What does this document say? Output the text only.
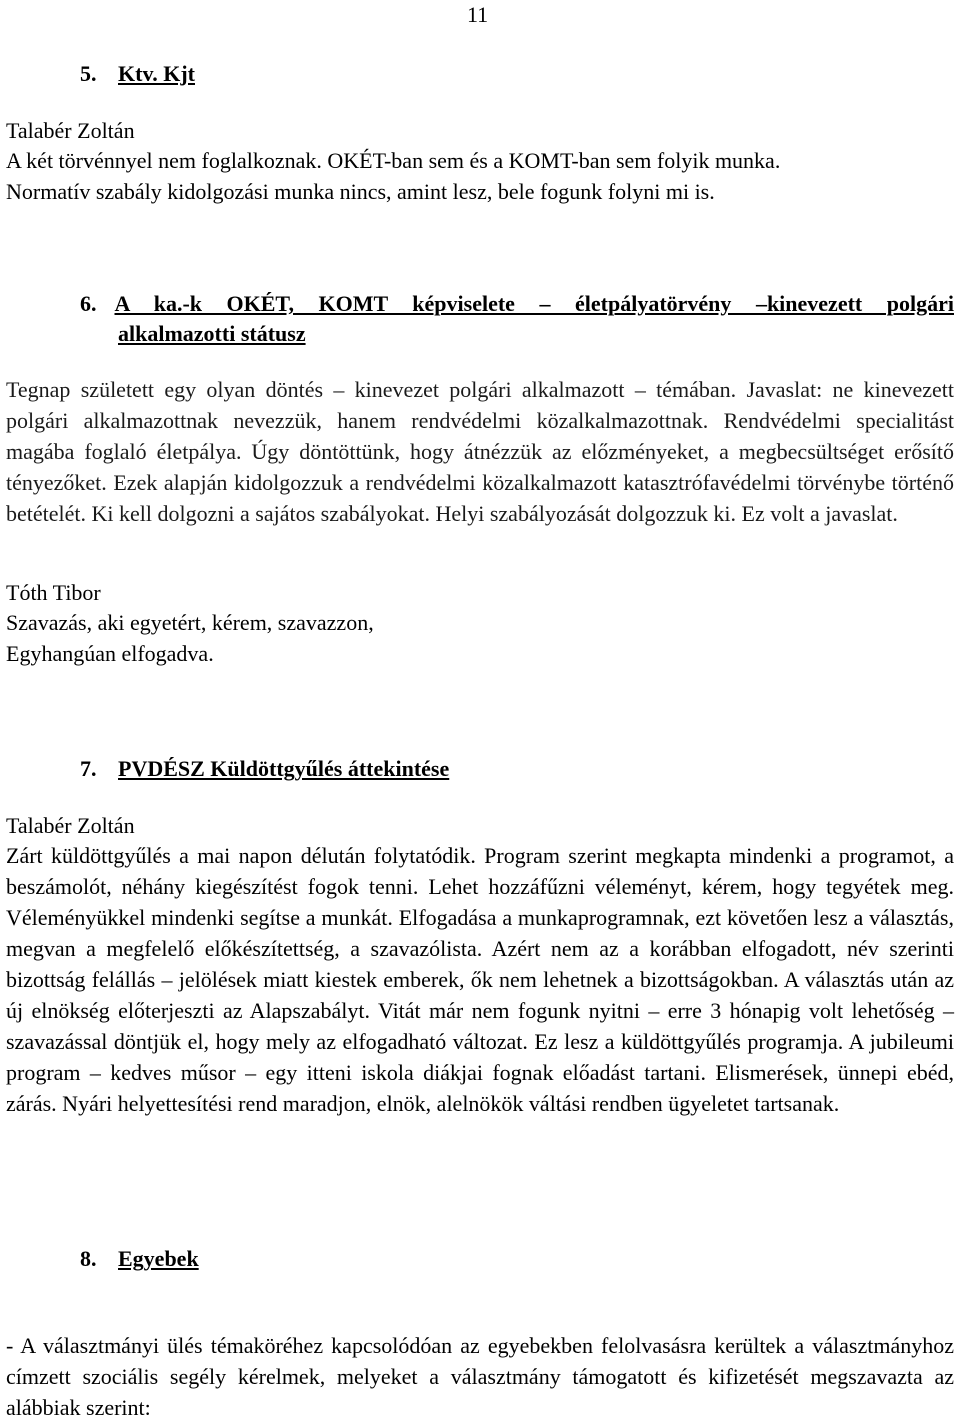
11
5. Ktv. Kjt
Talabér Zoltán

A két törvénnyel nem foglalkoznak. OKÉT-ban sem és a KOMT-ban sem folyik munka.

Normatív szabály kidolgozási munka nincs, amint lesz, bele fogunk folyni mi is.

6. A ka.-k OKÉT, KOMT képviselete – életpályatörvény –kinevezett polgári
alkalmazotti státusz
Tegnap született egy olyan döntés – kinevezet polgári alkalmazott – témában. Javaslat: ne kinevezett polgári alkalmazottnak nevezzük, hanem rendvédelmi közalkalmazottnak. Rendvédelmi specialitást magába foglaló életpálya. Úgy döntöttünk, hogy átnézzük az előzményeket, a megbecsültséget erősítő tényezőket. Ezek alapján kidolgozzuk a rendvédelmi közalkalmazott katasztrófavédelmi törvénybe történő betételét. Ki kell dolgozni a sajátos szabályokat. Helyi szabályozását dolgozzuk ki. Ez volt a javaslat.
Tóth Tibor

Szavazás, aki egyetért, kérem, szavazzon,

Egyhangúan elfogadva.

7. PVDÉSZ Küldöttgyűlés áttekintése
Talabér Zoltán
Zárt küldöttgyűlés a mai napon délután folytatódik. Program szerint megkapta mindenki a programot, a beszámolót, néhány kiegészítést fogok tenni. Lehet hozzáfűzni véleményt, kérem, hogy tegyétek meg. Véleményükkel mindenki segítse a munkát. Elfogadása a munkaprogramnak, ezt követően lesz a választás, megvan a megfelelő előkészítettség, a szavazólista. Azért nem az a korábban elfogadott, név szerinti bizottság felállás – jelölések miatt kiestek emberek, ők nem lehetnek a bizottságokban. A választás után az új elnökség előterjeszti az Alapszabályt. Vitát már nem fogunk nyitni – erre 3 hónapig volt lehetőség – szavazással döntjük el, hogy mely az elfogadható változat. Ez lesz a küldöttgyűlés programja. A jubileumi program – kedves műsor – egy itteni iskola diákjai fognak előadást tartani. Elismerések, ünnepi ebéd, zárás. Nyári helyettesítési rend maradjon, elnök, alelnökök váltási rendben ügyeletet tartsanak.
8. Egyebek
- A választmányi ülés témaköréhez kapcsolódóan az egyebekben felolvasásra kerültek a választmányhoz címzett szociális segély kérelmek, melyeket a választmány támogatott és kifizetését megszavazta az alábbiak szerint:
